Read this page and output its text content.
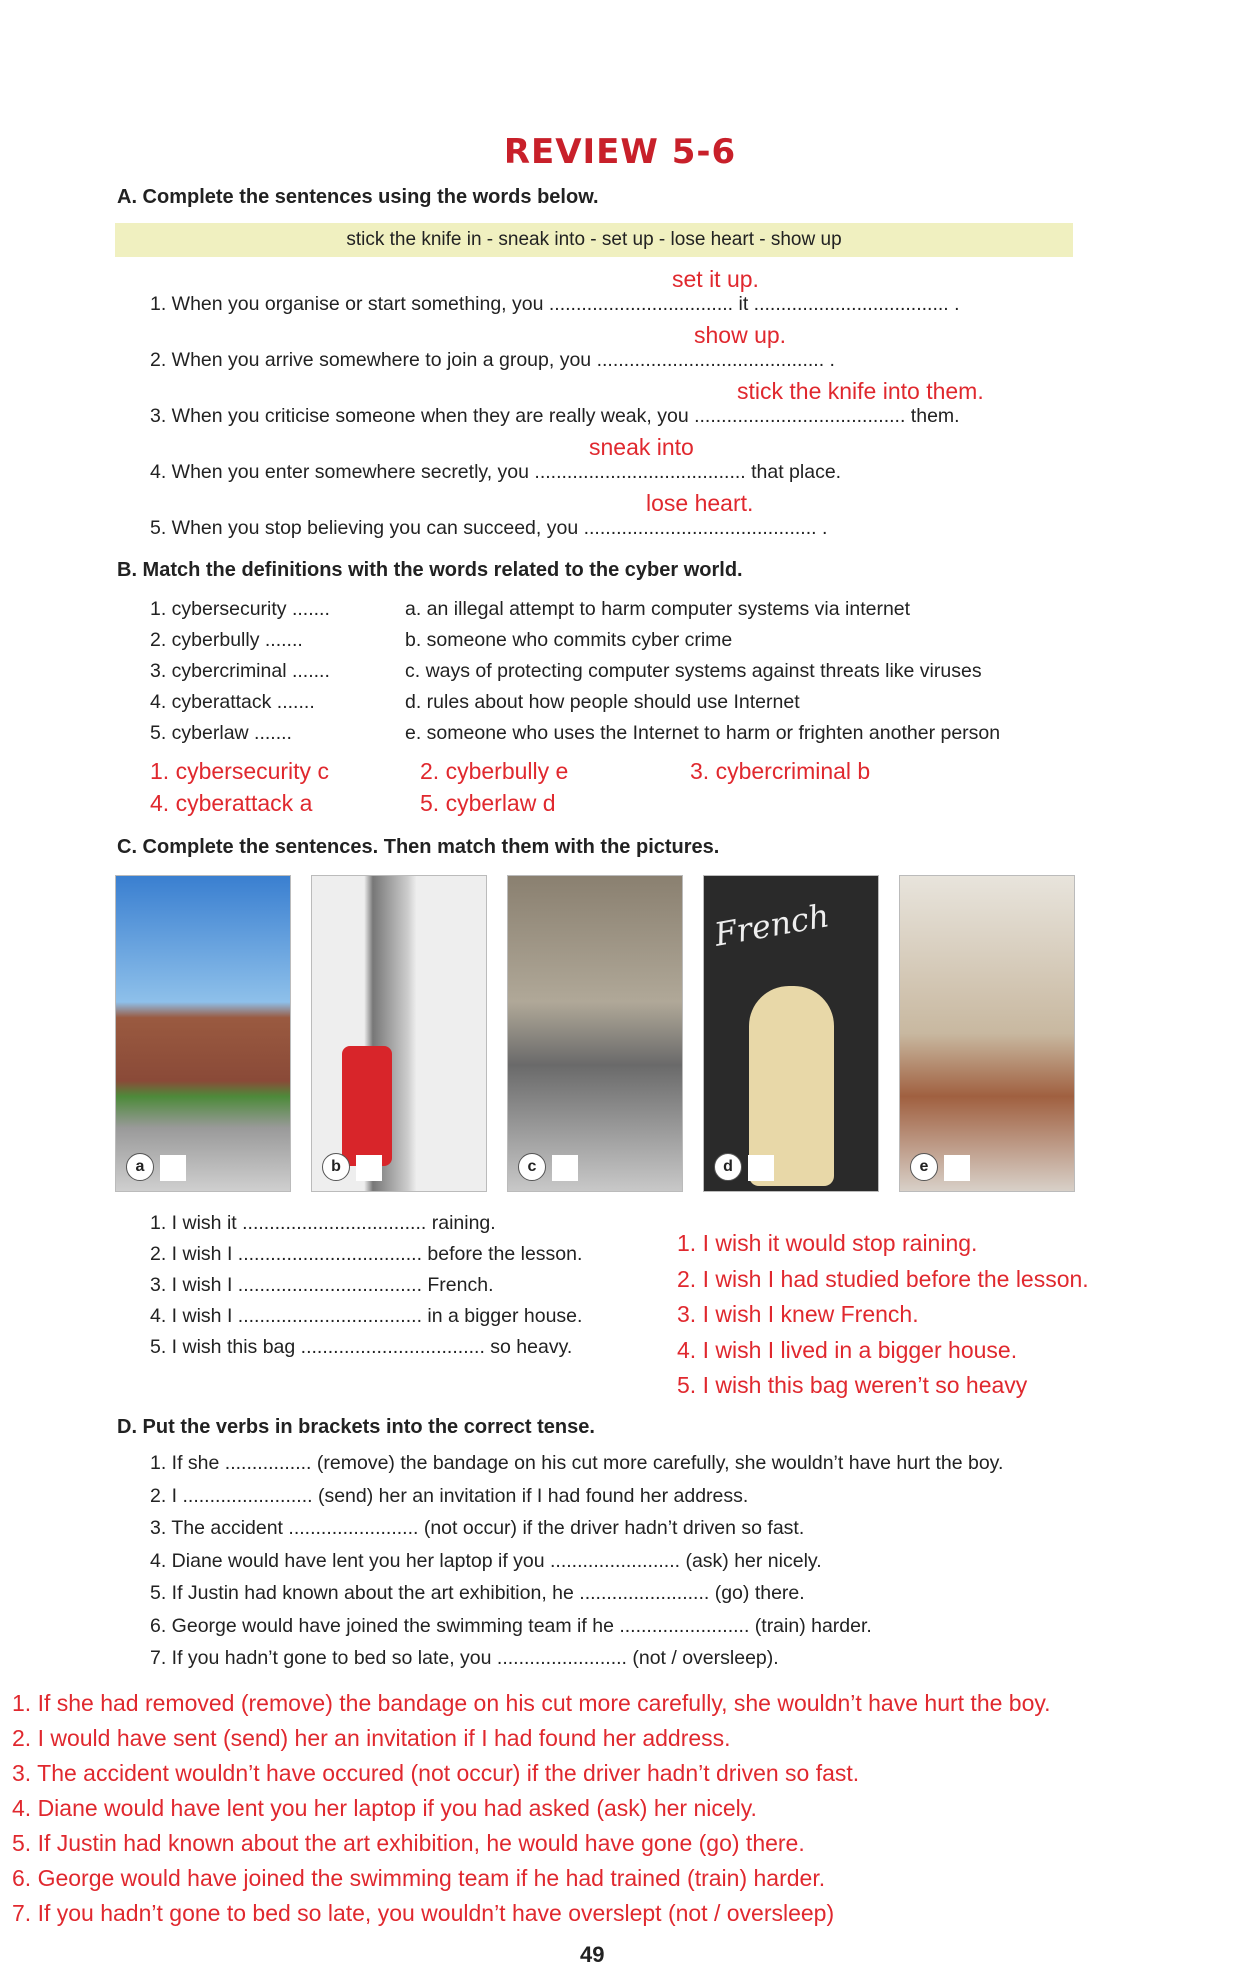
REVIEW 5-6
A. Complete the sentences using the words below.
stick the knife in - sneak into - set up - lose heart - show up
set it up.
1. When you organise or start something, you .................................. it .................................... .
show up.
2. When you arrive somewhere to join a group, you .......................................... .
stick the knife into them.
3. When you criticise someone when they are really weak, you ....................................... them.
sneak into
4. When you enter somewhere secretly, you ....................................... that place.
lose heart.
5. When you stop believing you can succeed, you ........................................... .
B. Match the definitions with the words related to the cyber world.
1. cybersecurity .......	a. an illegal attempt to harm computer systems via internet
2. cyberbully .......	b. someone who commits cyber crime
3. cybercriminal .......	c. ways of protecting computer systems against threats like viruses
4. cyberattack .......	d. rules about how people should use Internet
5. cyberlaw .......	e. someone who uses the Internet to harm or frighten another person
1. cybersecurity c	2. cyberbully e	3. cybercriminal b
4. cyberattack a	5. cyberlaw d
C. Complete the sentences. Then match them with the pictures.
a	b	c
French
d	e
1. I wish it .................................. raining.
1. I wish it would stop raining.
2. I wish I .................................. before the lesson.
2. I wish I had studied before the lesson.
3. I wish I .................................. French.
3. I wish I knew French.
4. I wish I .................................. in a bigger house.
4. I wish I lived in a bigger house.
5. I wish this bag .................................. so heavy.
5. I wish this bag weren’t so heavy
D. Put the verbs in brackets into the correct tense.
1. If she ................ (remove) the bandage on his cut more carefully, she wouldn’t have hurt the boy.
1. If she had removed (remove) the bandage on his cut more carefully, she wouldn’t have hurt the boy.
2. I ........................ (send) her an invitation if I had found her address.
2. I would have sent (send) her an invitation if I had found her address.
3. The accident ........................ (not occur) if the driver hadn’t driven so fast.
3. The accident wouldn’t have occured (not occur) if the driver hadn’t driven so fast.
4. Diane would have lent you her laptop if you ........................ (ask) her nicely.
4. Diane would have lent you her laptop if you had asked (ask) her nicely.
5. If Justin had known about the art exhibition, he ........................ (go) there.
5. If Justin had known about the art exhibition, he would have gone (go) there.
6. George would have joined the swimming team if he ........................ (train) harder.
6. George would have joined the swimming team if he had trained (train) harder.
7. If you hadn’t gone to bed so late, you ........................ (not / oversleep).
7. If you hadn’t gone to bed so late, you wouldn’t have overslept (not / oversleep)
49
